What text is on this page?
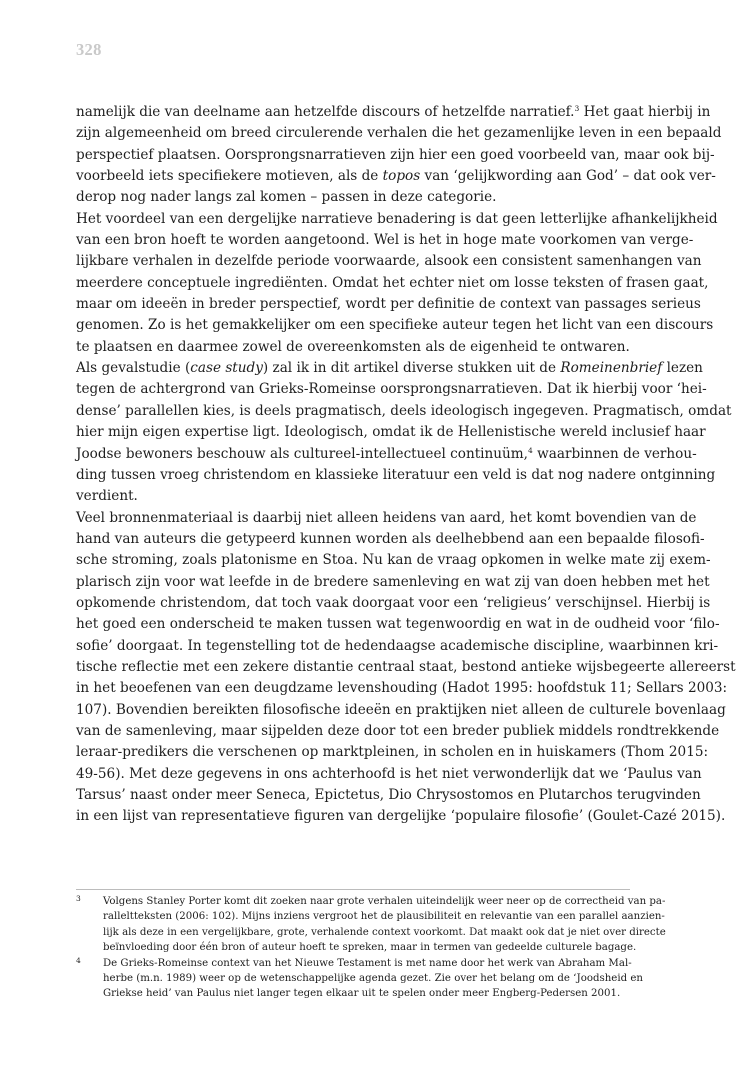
328
namelijk die van deelname aan hetzelfde discours of hetzelfde narratief.$^3$ Het gaat hierbij in
zijn algemeenheid om breed circulerende verhalen die het gezamenlijke leven in een bepaald
perspectief plaatsen. Oorsprongsnarratieven zijn hier een goed voorbeeld van, maar ook bij-
voorbeeld iets specifiekere motieven, als de topos van ‘gelijkwording aan God’ – dat ook ver-
derop nog nader langs zal komen – passen in deze categorie.
Het voordeel van een dergelijke narratieve benadering is dat geen letterlijke afhankelijkheid
van een bron hoeft te worden aangetoond. Wel is het in hoge mate voorkomen van verge-
lijkbare verhalen in dezelfde periode voorwaarde, alsook een consistent samenhangen van
meerdere conceptuele ingrediënten. Omdat het echter niet om losse teksten of frasen gaat,
maar om ideeën in breder perspectief, wordt per definitie de context van passages serieus
genomen. Zo is het gemakkelijker om een specifieke auteur tegen het licht van een discours
te plaatsen en daarmee zowel de overeenkomsten als de eigenheid te ontwaren.
Als gevalstudie (case study) zal ik in dit artikel diverse stukken uit de Romeinenbrief lezen
tegen de achtergrond van Grieks-Romeinse oorsprongsnarratieven. Dat ik hierbij voor ‘hei-
dense’ parallellen kies, is deels pragmatisch, deels ideologisch ingegeven. Pragmatisch, omdat
hier mijn eigen expertise ligt. Ideologisch, omdat ik de Hellenistische wereld inclusief haar
Joodse bewoners beschouw als cultureel-intellectueel continuüm,$^4$ waarbinnen de verhou-
ding tussen vroeg christendom en klassieke literatuur een veld is dat nog nadere ontginning
verdient.
Veel bronnenmateriaal is daarbij niet alleen heidens van aard, het komt bovendien van de
hand van auteurs die getypeerd kunnen worden als deelhebbend aan een bepaalde filosofi-
sche stroming, zoals platonisme en Stoa. Nu kan de vraag opkomen in welke mate zij exem-
plarisch zijn voor wat leefde in de bredere samenleving en wat zij van doen hebben met het
opkomende christendom, dat toch vaak doorgaat voor een ‘religieus’ verschijnsel. Hierbij is
het goed een onderscheid te maken tussen wat tegenwoordig en wat in de oudheid voor ‘filo-
sofie’ doorgaat. In tegenstelling tot de hedendaagse academische discipline, waarbinnen kri-
tische reflectie met een zekere distantie centraal staat, bestond antieke wijsbegeerte allereerst
in het beoefenen van een deugdzame levenshouding (Hadot 1995: hoofdstuk 11; Sellars 2003:
107). Bovendien bereikten filosofische ideeën en praktijken niet alleen de culturele bovenlaag
van de samenleving, maar sijpelden deze door tot een breder publiek middels rondtrekkende
leraar-predikers die verschenen op marktpleinen, in scholen en in huiskamers (Thom 2015:
49-56). Met deze gegevens in ons achterhoofd is het niet verwonderlijk dat we ‘Paulus van
Tarsus’ naast onder meer Seneca, Epictetus, Dio Chrysostomos en Plutarchos terugvinden
in een lijst van representatieve figuren van dergelijke ‘populaire filosofie’ (Goulet-Cazé 2015).
3 Volgens Stanley Porter komt dit zoeken naar grote verhalen uiteindelijk weer neer op de correctheid van pa-
ralleltteksten (2006: 102). Mijns inziens vergroot het de plausibiliteit en relevantie van een parallel aanzien-
lijk als deze in een vergelijkbare, grote, verhalende context voorkomt. Dat maakt ook dat je niet over directe
beïnvloeding door één bron of auteur hoeft te spreken, maar in termen van gedeelde culturele bagage.
4 De Grieks-Romeinse context van het Nieuwe Testament is met name door het werk van Abraham Mal-
herbe (m.n. 1989) weer op de wetenschappelijke agenda gezet. Zie over het belang om de ‘Joodsheid en
Griekse heid’ van Paulus niet langer tegen elkaar uit te spelen onder meer Engberg-Pedersen 2001.
